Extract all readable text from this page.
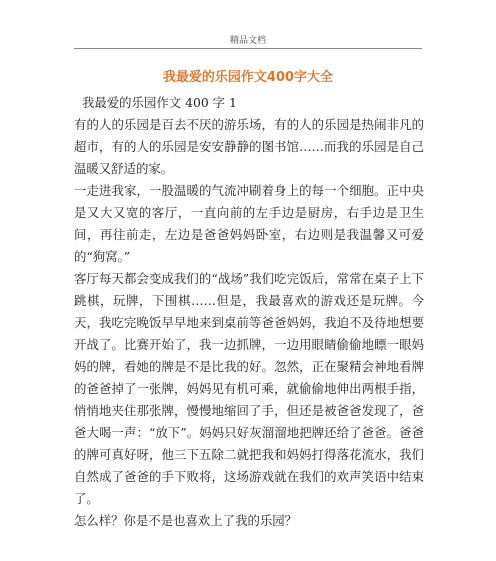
精品文档
我最爱的乐园作文400字大全

我最爱的乐园作文 400 字 1

有的人的乐园是百去不厌的游乐场，有的人的乐园是热闹非凡的超市，有的人的乐园是安安静静的图书馆……而我的乐园是自己温暖又舒适的家。

一走进我家，一股温暖的气流冲刷着身上的每一个细胞。正中央是又大又宽的客厅，一直向前的左手边是厨房，右手边是卫生间，再往前走，左边是爸爸妈妈卧室，右边则是我温馨又可爱的“狗窝。”

客厅每天都会变成我们的“战场”我们吃完饭后，常常在桌子上下跳棋，玩牌，下围棋……但是，我最喜欢的游戏还是玩牌。今天，我吃完晚饭早早地来到桌前等爸爸妈妈，我迫不及待地想要开战了。比赛开始了，我一边抓牌，一边用眼睛偷偷地瞟一眼妈妈的牌，看她的牌是不是比我的好。忽然，正在聚精会神地看牌的爸爸掉了一张牌，妈妈见有机可乘，就偷偷地伸出两根手指，悄悄地夹住那张牌，慢慢地缩回了手，但还是被爸爸发现了，爸爸大喝一声：“放下”。妈妈只好灰溜溜地把牌还给了爸爸。爸爸的牌可真好呀，他三下五除二就把我和妈妈打得落花流水，我们自然成了爸爸的手下败将，这场游戏就在我们的欢声笑语中结束了。

怎么样？你是不是也喜欢上了我的乐园？
